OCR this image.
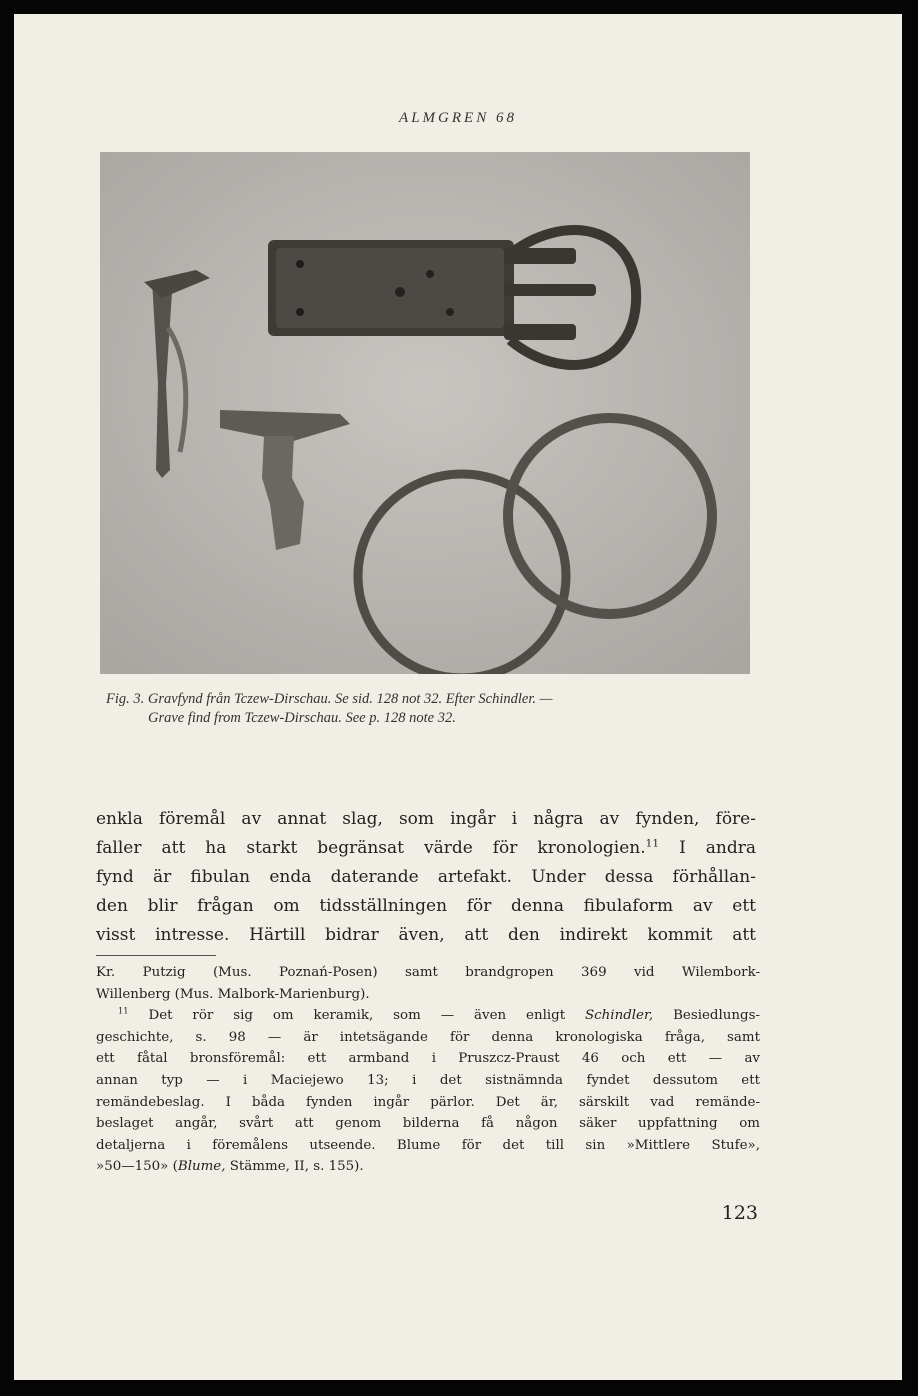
ALMGREN 68
Fig. 3. Gravfynd från Tczew-Dirschau. Se sid. 128 not 32. Efter Schindler. —
Grave find from Tczew-Dirschau. See p. 128 note 32.
enkla föremål av annat slag, som ingår i några av fynden, före-
faller att ha starkt begränsat värde för kronologien.$^{11}$ I andra
fynd är fibulan enda daterande artefakt. Under dessa förhållan-
den blir frågan om tidsställningen för denna fibulaform av ett
visst intresse. Härtill bidrar även, att den indirekt kommit att
Kr. Putzig (Mus. Poznań-Posen) samt brandgropen 369 vid Wilembork-
Willenberg (Mus. Malbork-Marienburg).
$^{11}$ Det rör sig om keramik, som — även enligt Schindler, Besiedlungs-
geschichte, s. 98 — är intetsägande för denna kronologiska fråga, samt
ett fåtal bronsföremål: ett armband i Pruszcz-Praust 46 och ett — av
annan typ — i Maciejewo 13; i det sistnämnda fyndet dessutom ett
remändebeslag. I båda fynden ingår pärlor. Det är, särskilt vad remände-
beslaget angår, svårt att genom bilderna få någon säker uppfattning om
detaljerna i föremålens utseende. Blume för det till sin »Mittlere Stufe»,
»50—150» (Blume, Stämme, II, s. 155).
123
